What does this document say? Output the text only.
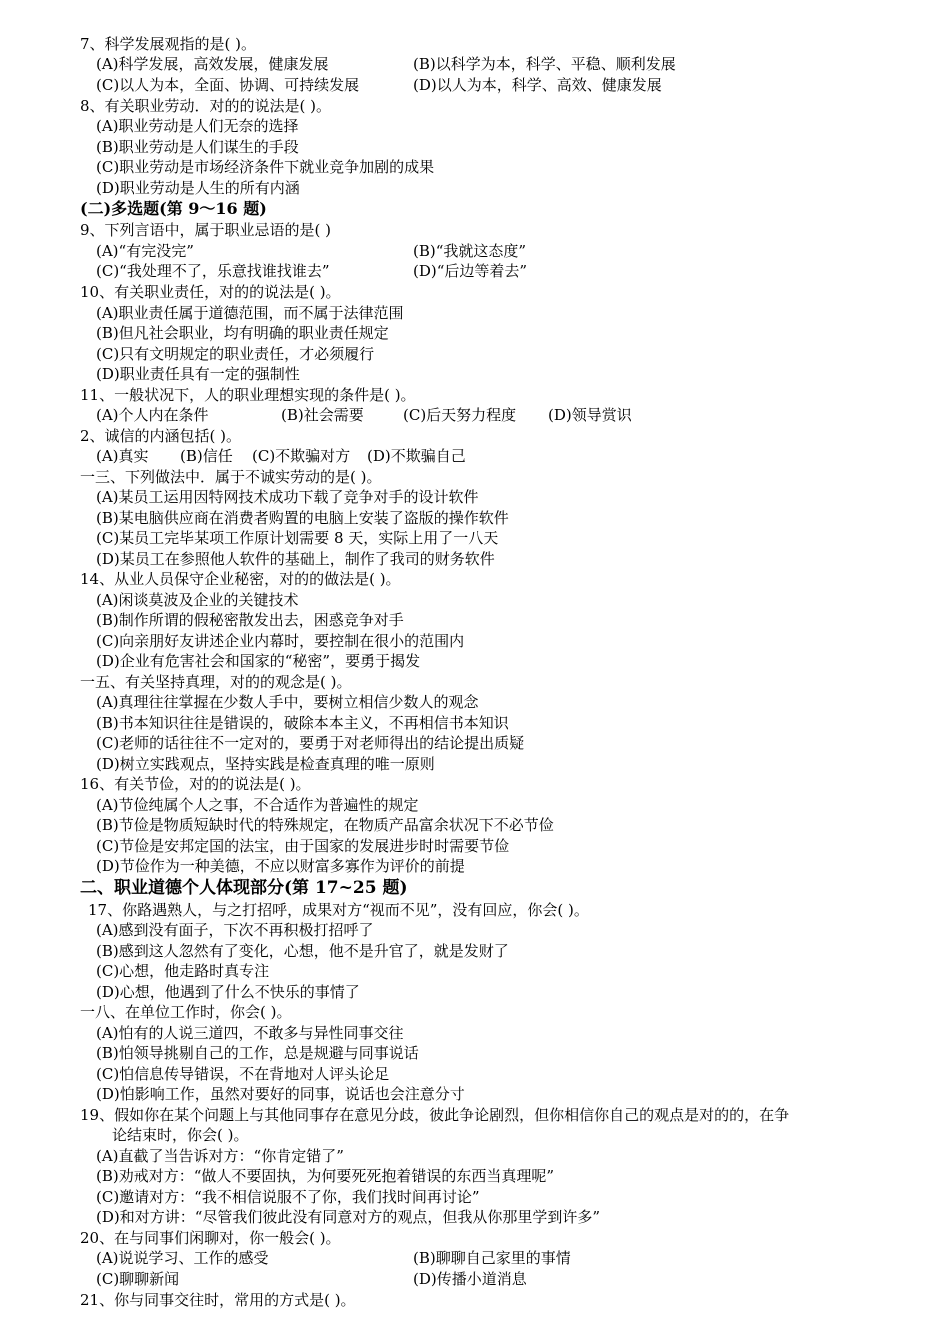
7、科学发展观指的是( )。
(A)科学发展，高效发展，健康发展	(B)以科学为本，科学、平稳、顺利发展
(C)以人为本，全面、协调、可持续发展	(D)以人为本，科学、高效、健康发展
8、有关职业劳动．对的的说法是( )。
(A)职业劳动是人们无奈的选择
(B)职业劳动是人们谋生的手段
(C)职业劳动是市场经济条件下就业竞争加剧的成果
(D)职业劳动是人生的所有内涵
(二)多选题(第 9～16 题)
9、下列言语中，属于职业忌语的是( )
(A)“有完没完”	(B)“我就这态度”
(C)“我处理不了，乐意找谁找谁去”	(D)“后边等着去”
10、有关职业责任，对的的说法是( )。
(A)职业责任属于道德范围，而不属于法律范围
(B)但凡社会职业，均有明确的职业责任规定
(C)只有文明规定的职业责任，才必须履行
(D)职业责任具有一定的强制性
11、一般状况下，人的职业理想实现的条件是( )。
(A)个人内在条件	(B)社会需要	(C)后天努力程度 (D)领导赏识
2、诚信的内涵包括( )。
(A)真实 (B)信任 (C)不欺骗对方 (D)不欺骗自己
一三、下列做法中．属于不诚实劳动的是( )。
(A)某员工运用因特网技术成功下载了竞争对手的设计软件
(B)某电脑供应商在消费者购置的电脑上安装了盗版的操作软件
(C)某员工完毕某项工作原计划需要 8 天，实际上用了一八天
(D)某员工在参照他人软件的基础上，制作了我司的财务软件
14、从业人员保守企业秘密，对的的做法是( )。
(A)闲谈莫波及企业的关键技术
(B)制作所谓的假秘密散发出去，困惑竞争对手
(C)向亲朋好友讲述企业内幕时，要控制在很小的范围内
(D)企业有危害社会和国家的“秘密”，要勇于揭发
一五、有关坚持真理，对的的观念是( )。
(A)真理往往掌握在少数人手中，要树立相信少数人的观念
(B)书本知识往往是错误的，破除本本主义，不再相信书本知识
(C)老师的话往往不一定对的，要勇于对老师得出的结论提出质疑
(D)树立实践观点，坚持实践是检查真理的唯一原则
16、有关节俭，对的的说法是( )。
(A)节俭纯属个人之事，不合适作为普遍性的规定
(B)节俭是物质短缺时代的特殊规定，在物质产品富余状况下不必节俭
(C)节俭是安邦定国的法宝，由于国家的发展进步时时需要节俭
(D)节俭作为一种美德，不应以财富多寡作为评价的前提
二、职业道德个人体现部分(第 17~25 题)
17、你路遇熟人，与之打招呼，成果对方“视而不见”，没有回应，你会( )。
(A)感到没有面子，下次不再积极打招呼了
(B)感到这人忽然有了变化，心想，他不是升官了，就是发财了
(C)心想，他走路时真专注
(D)心想，他遇到了什么不快乐的事情了
一八、在单位工作时，你会( )。
(A)怕有的人说三道四，不敢多与异性同事交往
(B)怕领导挑剔自己的工作，总是规避与同事说话
(C)怕信息传导错误，不在背地对人评头论足
(D)怕影响工作，虽然对要好的同事，说话也会注意分寸
19、假如你在某个问题上与其他同事存在意见分歧，彼此争论剧烈，但你相信你自己的观点是对的的，在争
论结束时，你会( )。
(A)直截了当告诉对方：“你肯定错了”
(B)劝戒对方：“做人不要固执，为何要死死抱着错误的东西当真理呢”
(C)邀请对方：“我不相信说服不了你，我们找时间再讨论”
(D)和对方讲：“尽管我们彼此没有同意对方的观点，但我从你那里学到许多”
20、在与同事们闲聊对，你一般会( )。
(A)说说学习、工作的感受	(B)聊聊自己家里的事情
(C)聊聊新闻	(D)传播小道消息
21、你与同事交往时，常用的方式是( )。
